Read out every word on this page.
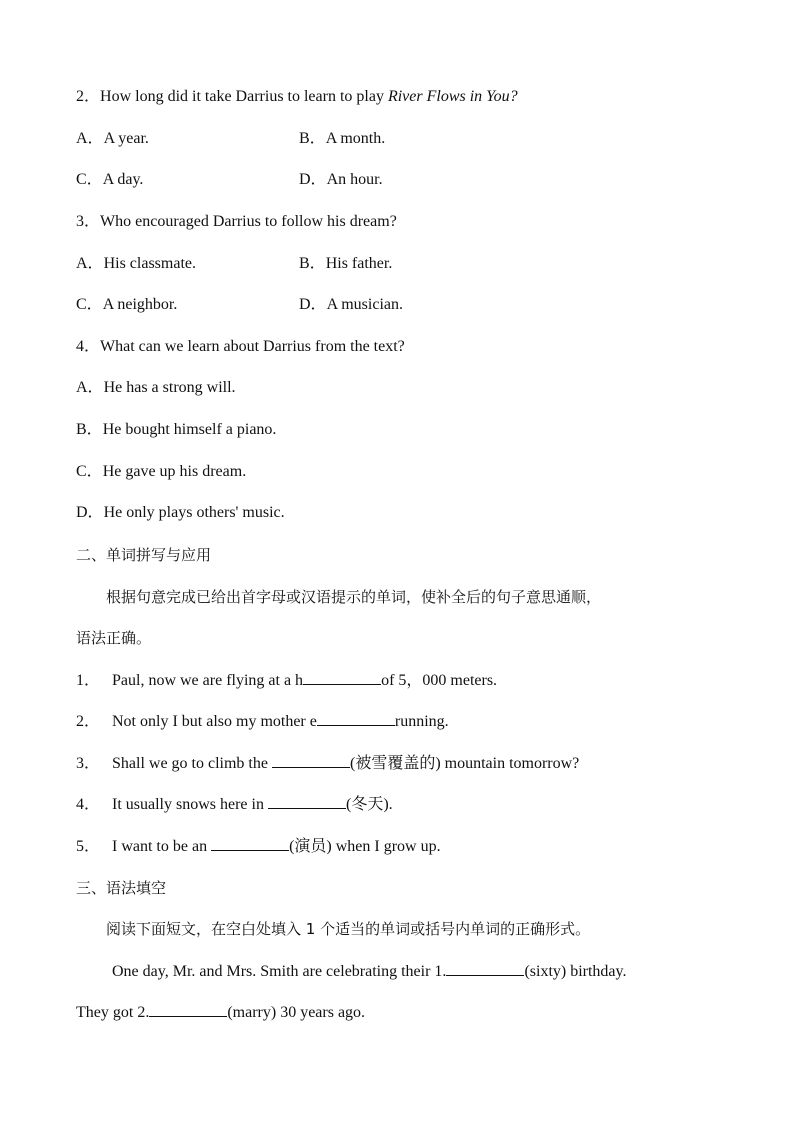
2．How long did it take Darrius to learn to play River Flows in You?
A．A year.	B．A month.
C．A day.	D．An hour.
3．Who encouraged Darrius to follow his dream?
A．His classmate.	B．His father.
C．A neighbor.	D．A musician.
4．What can we learn about Darrius from the text?
A．He has a strong will.
B．He bought himself a piano.
C．He gave up his dream.
D．He only plays others' music.
二、单词拼写与应用
根据句意完成已给出首字母或汉语提示的单词，使补全后的句子意思通顺，
语法正确。
1． Paul, now we are flying at a h	of 5，000 meters.
2． Not only I but also my mother e	running.
3． Shall we go to climb the	(被雪覆盖的) mountain tomorrow?
4． It usually snows here in	(冬天).
5． I want to be an	(演员) when I grow up.
三、语法填空
阅读下面短文，在空白处填入 1 个适当的单词或括号内单词的正确形式。
One day, Mr. and Mrs. Smith are celebrating their 1.	(sixty) birthday.
They got 2.	(marry) 30 years ago.
